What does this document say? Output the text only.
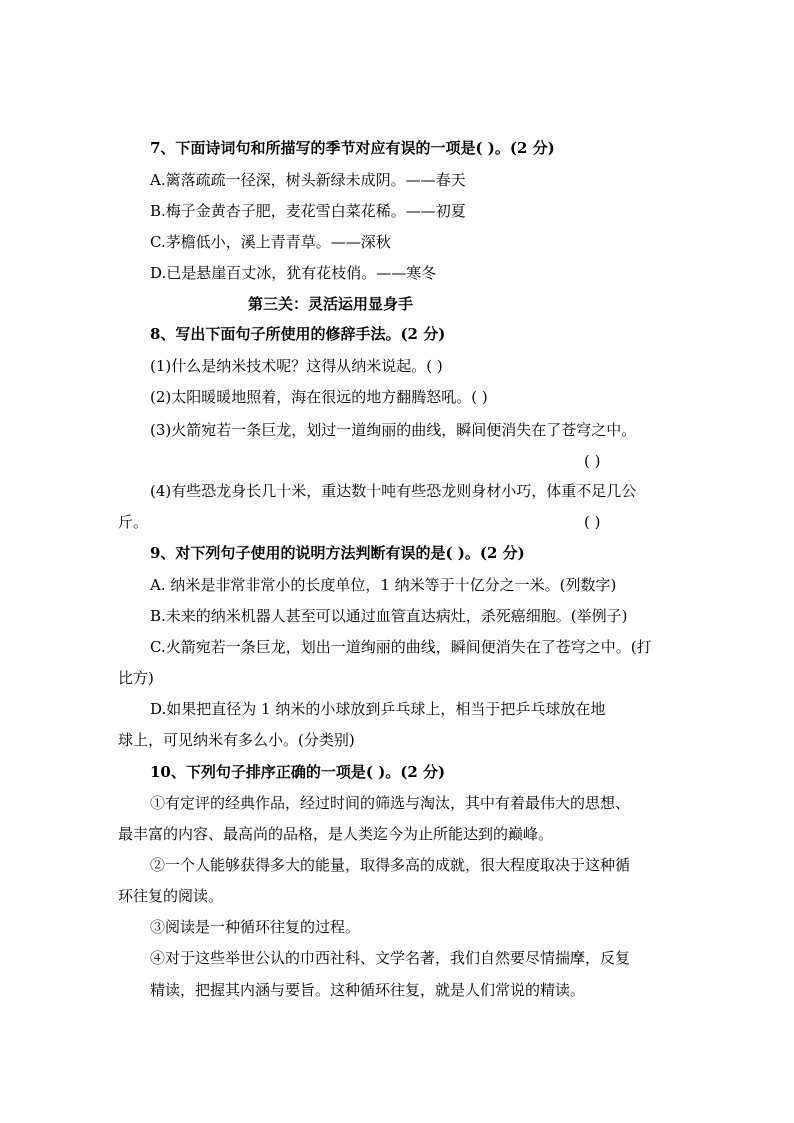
7、下面诗词句和所描写的季节对应有误的一项是( )。(2 分)
A.篱落疏疏一径深，树头新绿未成阴。——春天
B.梅子金黄杏子肥，麦花雪白菜花稀。——初夏
C.茅檐低小，溪上青青草。——深秋
D.已是悬崖百丈冰，犹有花枝俏。——寒冬
第三关：灵活运用显身手
8、写出下面句子所使用的修辞手法。(2 分)
(1)什么是纳米技术呢？这得从纳米说起。( )
(2)太阳暖暖地照着，海在很远的地方翻腾怒吼。( )
(3)火箭宛若一条巨龙，划过一道绚丽的曲线，瞬间便消失在了苍穹之中。
( )
(4)有些恐龙身长几十米，重达数十吨有些恐龙则身材小巧，体重不足几公
斤。	( )
9、对下列句子使用的说明方法判断有误的是( )。(2 分)
A. 纳米是非常非常小的长度单位，1 纳米等于十亿分之一米。(列数字)
B.未来的纳米机器人甚至可以通过血管直达病灶，杀死癌细胞。(举例子)
C.火箭宛若一条巨龙，划出一道绚丽的曲线，瞬间便消失在了苍穹之中。(打
比方)
D.如果把直径为 1 纳米的小球放到乒乓球上，相当于把乒乓球放在地
球上，可见纳米有多么小。(分类别)
10、下列句子排序正确的一项是( )。(2 分)
①有定评的经典作品，经过时间的筛选与淘汰，其中有着最伟大的思想、
最丰富的内容、最高尚的品格，是人类迄今为止所能达到的巅峰。
②一个人能够获得多大的能量，取得多高的成就，很大程度取决于这种循
环往复的阅读。
③阅读是一种循环往复的过程。
④对于这些举世公认的巾西社科、文学名著，我们自然要尽情揣摩，反复
精读，把握其内涵与要旨。这种循环往复，就是人们常说的精读。
